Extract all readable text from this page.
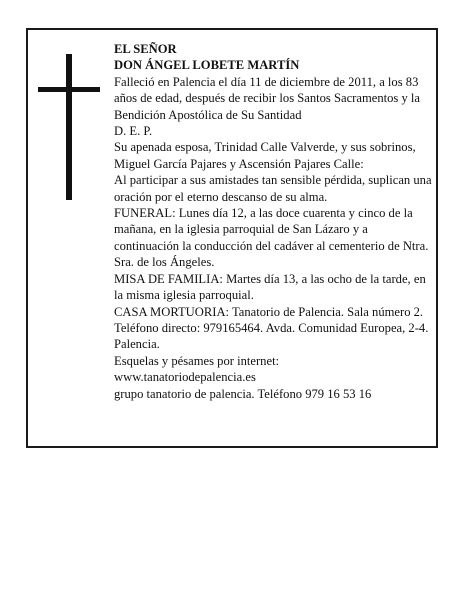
EL SEÑOR

DON ÁNGEL LOBETE MARTÍN

Falleció en Palencia el día 11 de diciembre de 2011, a los 83 años de edad, después de recibir los Santos Sacramentos y la Bendición Apostólica de Su Santidad

D. E. P.

Su apenada esposa, Trinidad Calle Valverde, y sus sobrinos, Miguel García Pajares y Ascensión Pajares Calle:

Al participar a sus amistades tan sensible pérdida, suplican una oración por el eterno descanso de su alma.

FUNERAL: Lunes día 12, a las doce cuarenta y cinco de la mañana, en la iglesia parroquial de San Lázaro y a continuación la conducción del cadáver al cementerio de Ntra. Sra. de los Ángeles.

MISA DE FAMILIA: Martes día 13, a las ocho de la tarde, en la misma iglesia parroquial.

CASA MORTUORIA: Tanatorio de Palencia. Sala número 2. Teléfono directo: 979165464. Avda. Comunidad Europea, 2-4. Palencia.

Esquelas y pésames por internet:

www.tanatoriodepalencia.es

grupo tanatorio de palencia. Teléfono 979 16 53 16
